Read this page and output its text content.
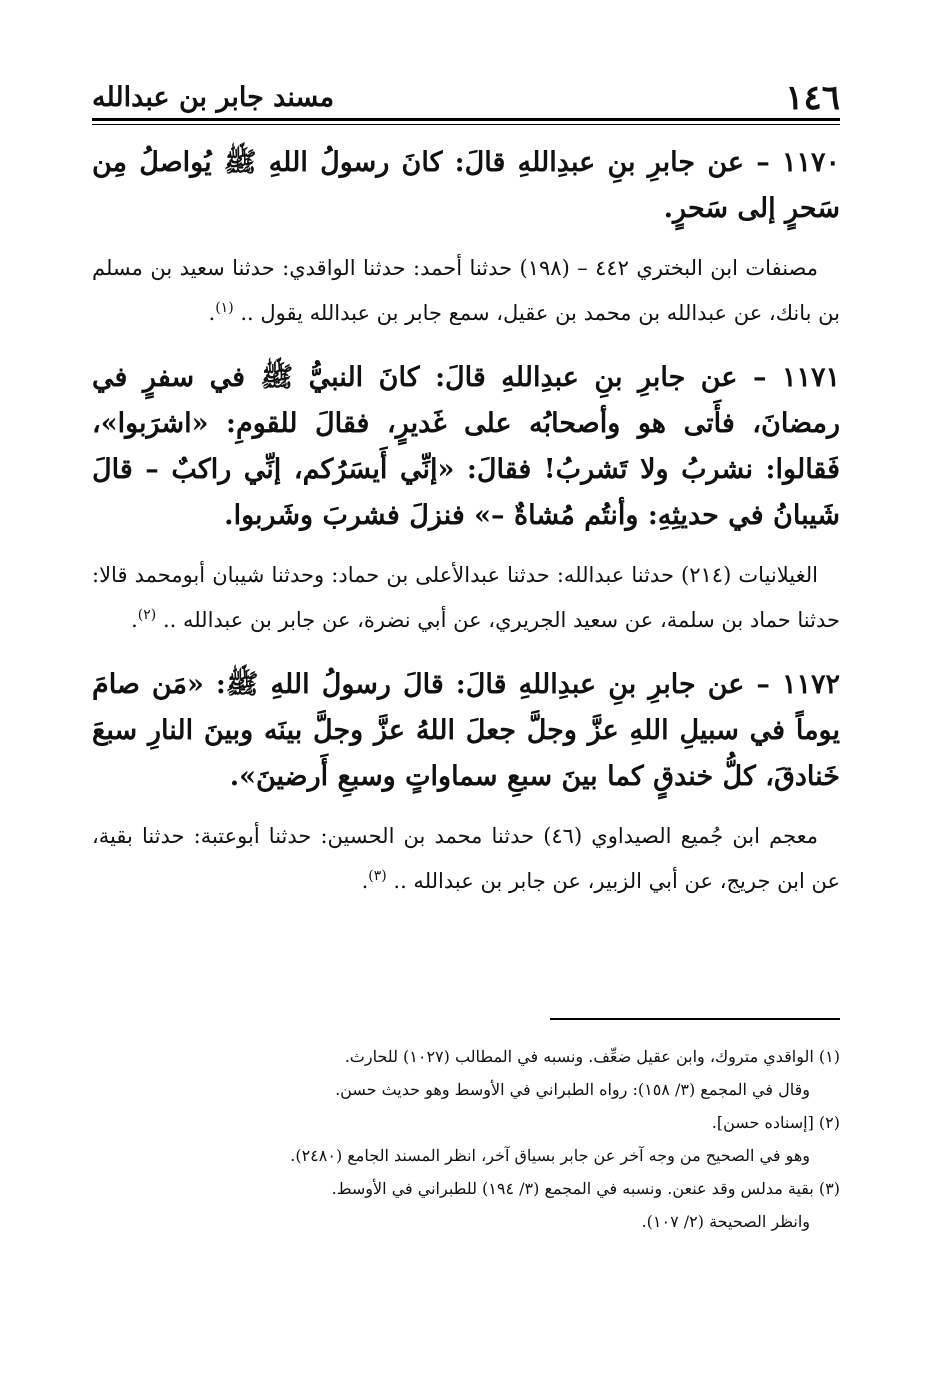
١٤٦
مسند جابر بن عبدالله

١١٧٠ – عن جابرِ بنِ عبدِاللهِ قالَ: كانَ رسولُ اللهِ ﷺ يُواصلُ مِن سَحرٍ إلى سَحرٍ.

مصنفات ابن البختري ٤٤٢ – (١٩٨) حدثنا أحمد: حدثنا الواقدي: حدثنا سعيد بن مسلم بن بانك، عن عبدالله بن محمد بن عقيل، سمع جابر بن عبدالله يقول .. $^{(١)}$.

١١٧١ – عن جابرِ بنِ عبدِاللهِ قالَ: كانَ النبيُّ ﷺ في سفرٍ في رمضانَ، فأَتى هو وأصحابُه على غَديرٍ، فقالَ للقومِ: «اشرَبوا»، فَقالوا: نشربُ ولا تَشربُ! فقالَ: «إنِّي أَيسَرُكم، إنِّي راكبٌ – قالَ شَيبانُ في حديثِهِ: وأنتُم مُشاةٌ –» فنزلَ فشربَ وشَربوا.

الغيلانيات (٢١٤) حدثنا عبدالله: حدثنا عبدالأعلى بن حماد: وحدثنا شيبان أبومحمد قالا: حدثنا حماد بن سلمة، عن سعيد الجريري، عن أبي نضرة، عن جابر بن عبدالله .. $^{(٢)}$.

١١٧٢ – عن جابرِ بنِ عبدِاللهِ قالَ: قالَ رسولُ اللهِ ﷺ: «مَن صامَ يوماً في سبيلِ اللهِ عزَّ وجلَّ جعلَ اللهُ عزَّ وجلَّ بينَه وبينَ النارِ سبعَ خَنادقَ، كلُّ خندقٍ كما بينَ سبعِ سماواتٍ وسبعِ أَرضينَ».

معجم ابن جُميع الصيداوي (٤٦) حدثنا محمد بن الحسين: حدثنا أبوعتبة: حدثنا بقية، عن ابن جريج، عن أبي الزبير، عن جابر بن عبدالله .. $^{(٣)}$.

(١) الواقدي متروك، وابن عقيل ضعِّف. ونسبه في المطالب (١٠٢٧) للحارث.

وقال في المجمع (٣/ ١٥٨): رواه الطبراني في الأوسط وهو حديث حسن.

(٢) [إسناده حسن].

وهو في الصحيح من وجه آخر عن جابر بسياق آخر، انظر المسند الجامع (٢٤٨٠).

(٣) بقية مدلس وقد عنعن. ونسبه في المجمع (٣/ ١٩٤) للطبراني في الأوسط.

وانظر الصحيحة (٢/ ١٠٧).
